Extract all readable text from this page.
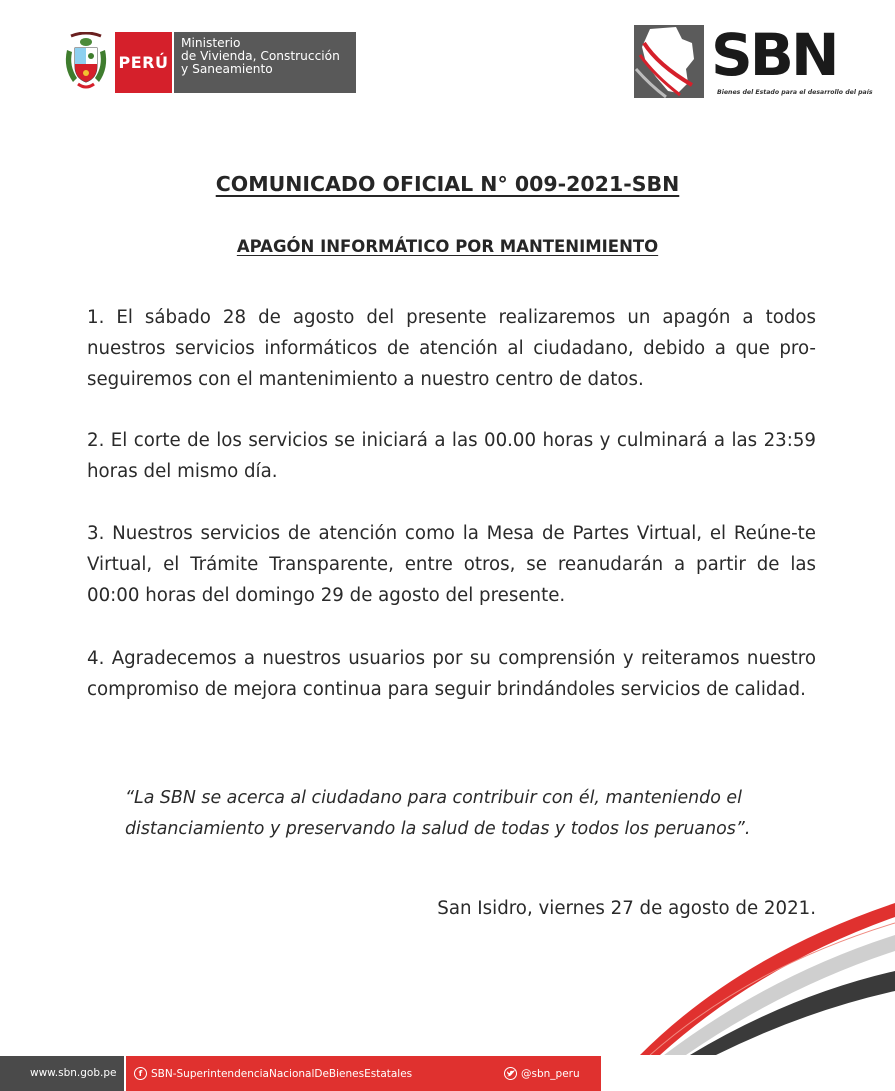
PERÚ
Ministerio
de Vivienda, Construcción
y Saneamiento	SBN
Bienes del Estado para el desarrollo del país
COMUNICADO OFICIAL N° 009-2021-SBN
APAGÓN INFORMÁTICO POR MANTENIMIENTO

1. El sábado 28 de agosto del presente realizaremos un apagón a todos nuestros servicios informáticos de atención al ciudadano, debido a que pro-seguiremos con el mantenimiento a nuestro centro de datos.

2. El corte de los servicios se iniciará a las 00.00 horas y culminará a las 23:59 horas del mismo día.

3. Nuestros servicios de atención como la Mesa de Partes Virtual, el Reúne-te Virtual, el Trámite Transparente, entre otros, se reanudarán a partir de las 00:00 horas del domingo 29 de agosto del presente.

4. Agradecemos a nuestros usuarios por su comprensión y reiteramos nuestro compromiso de mejora continua para seguir brindándoles servicios de calidad.

“La SBN se acerca al ciudadano para contribuir con él, manteniendo el distanciamiento y preservando la salud de todas y todos los peruanos”.

San Isidro, viernes 27 de agosto de 2021.

www.sbn.gob.pe	f SBN-SuperintendenciaNacionalDeBienesEstatales	@sbn_peru
